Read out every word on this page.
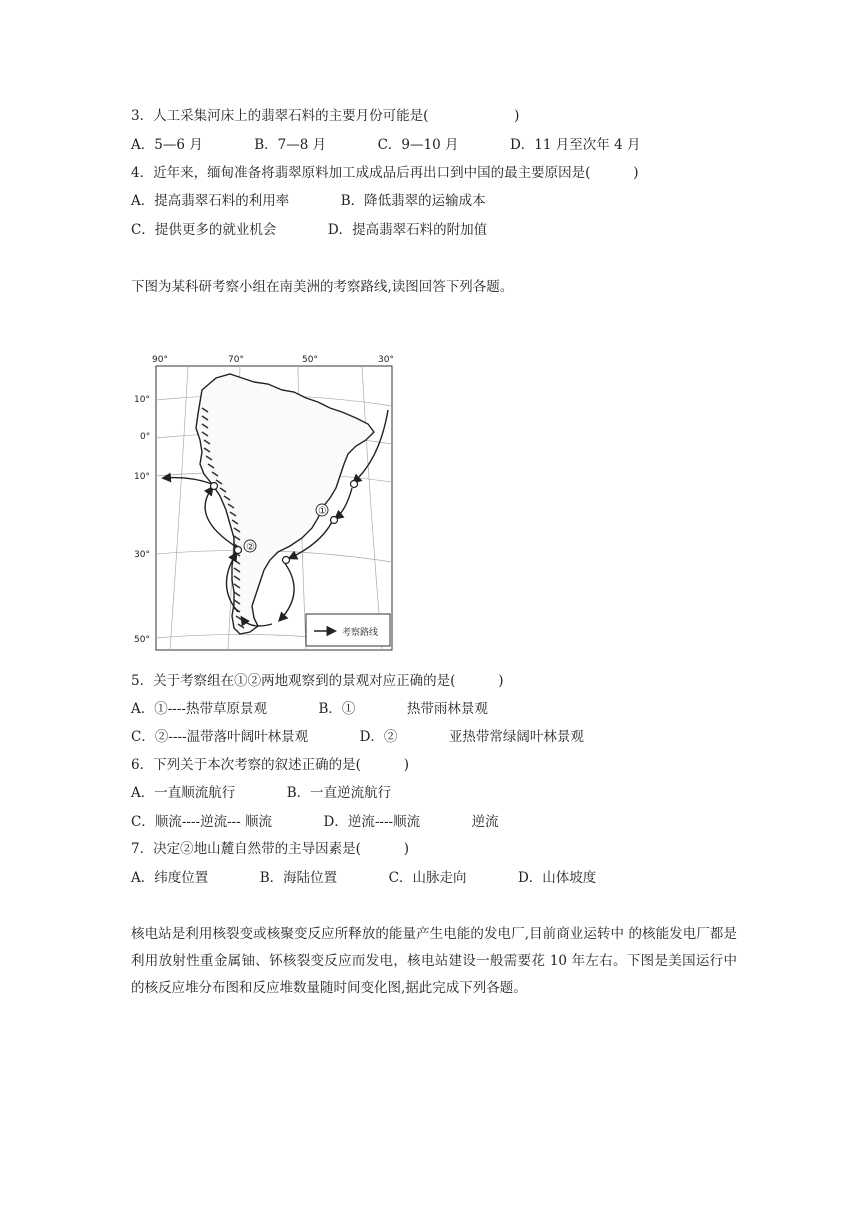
3．人工采集河床上的翡翠石料的主要月份可能是(                    )
A．5—6 月            B．7—8 月            C．9—10 月            D．11 月至次年 4 月
4．近年来，缅甸准备将翡翠原料加工成成品后再出口到中国的最主要原因是(          )
A．提高翡翠石料的利用率            B．降低翡翠的运输成本
C．提供更多的就业机会            D．提高翡翠石料的附加值
下图为某科研考察小组在南美洲的考察路线,读图回答下列各题。
90°	70°	50°	30°
10°
0°
10°
30°
50°
①
②
考察路线
5．关于考察组在①②两地观察到的景观对应正确的是(          )
A．①----热带草原景观            B．①            热带雨林景观
C．②----温带落叶阔叶林景观            D．②            亚热带常绿阔叶林景观
6．下列关于本次考察的叙述正确的是(          )
A．一直顺流航行            B．一直逆流航行
C．顺流----逆流--- 顺流            D．逆流----顺流            逆流
7．决定②地山麓自然带的主导因素是(          )
A．纬度位置            B．海陆位置            C．山脉走向            D．山体坡度
核电站是利用核裂变或核聚变反应所释放的能量产生电能的发电厂,目前商业运转中 的核能发电厂都是利用放射性重金属铀、钚核裂变反应而发电，核电站建设一般需要花 10 年左右。下图是美国运行中的核反应堆分布图和反应堆数量随时间变化图,据此完成下列各题。
